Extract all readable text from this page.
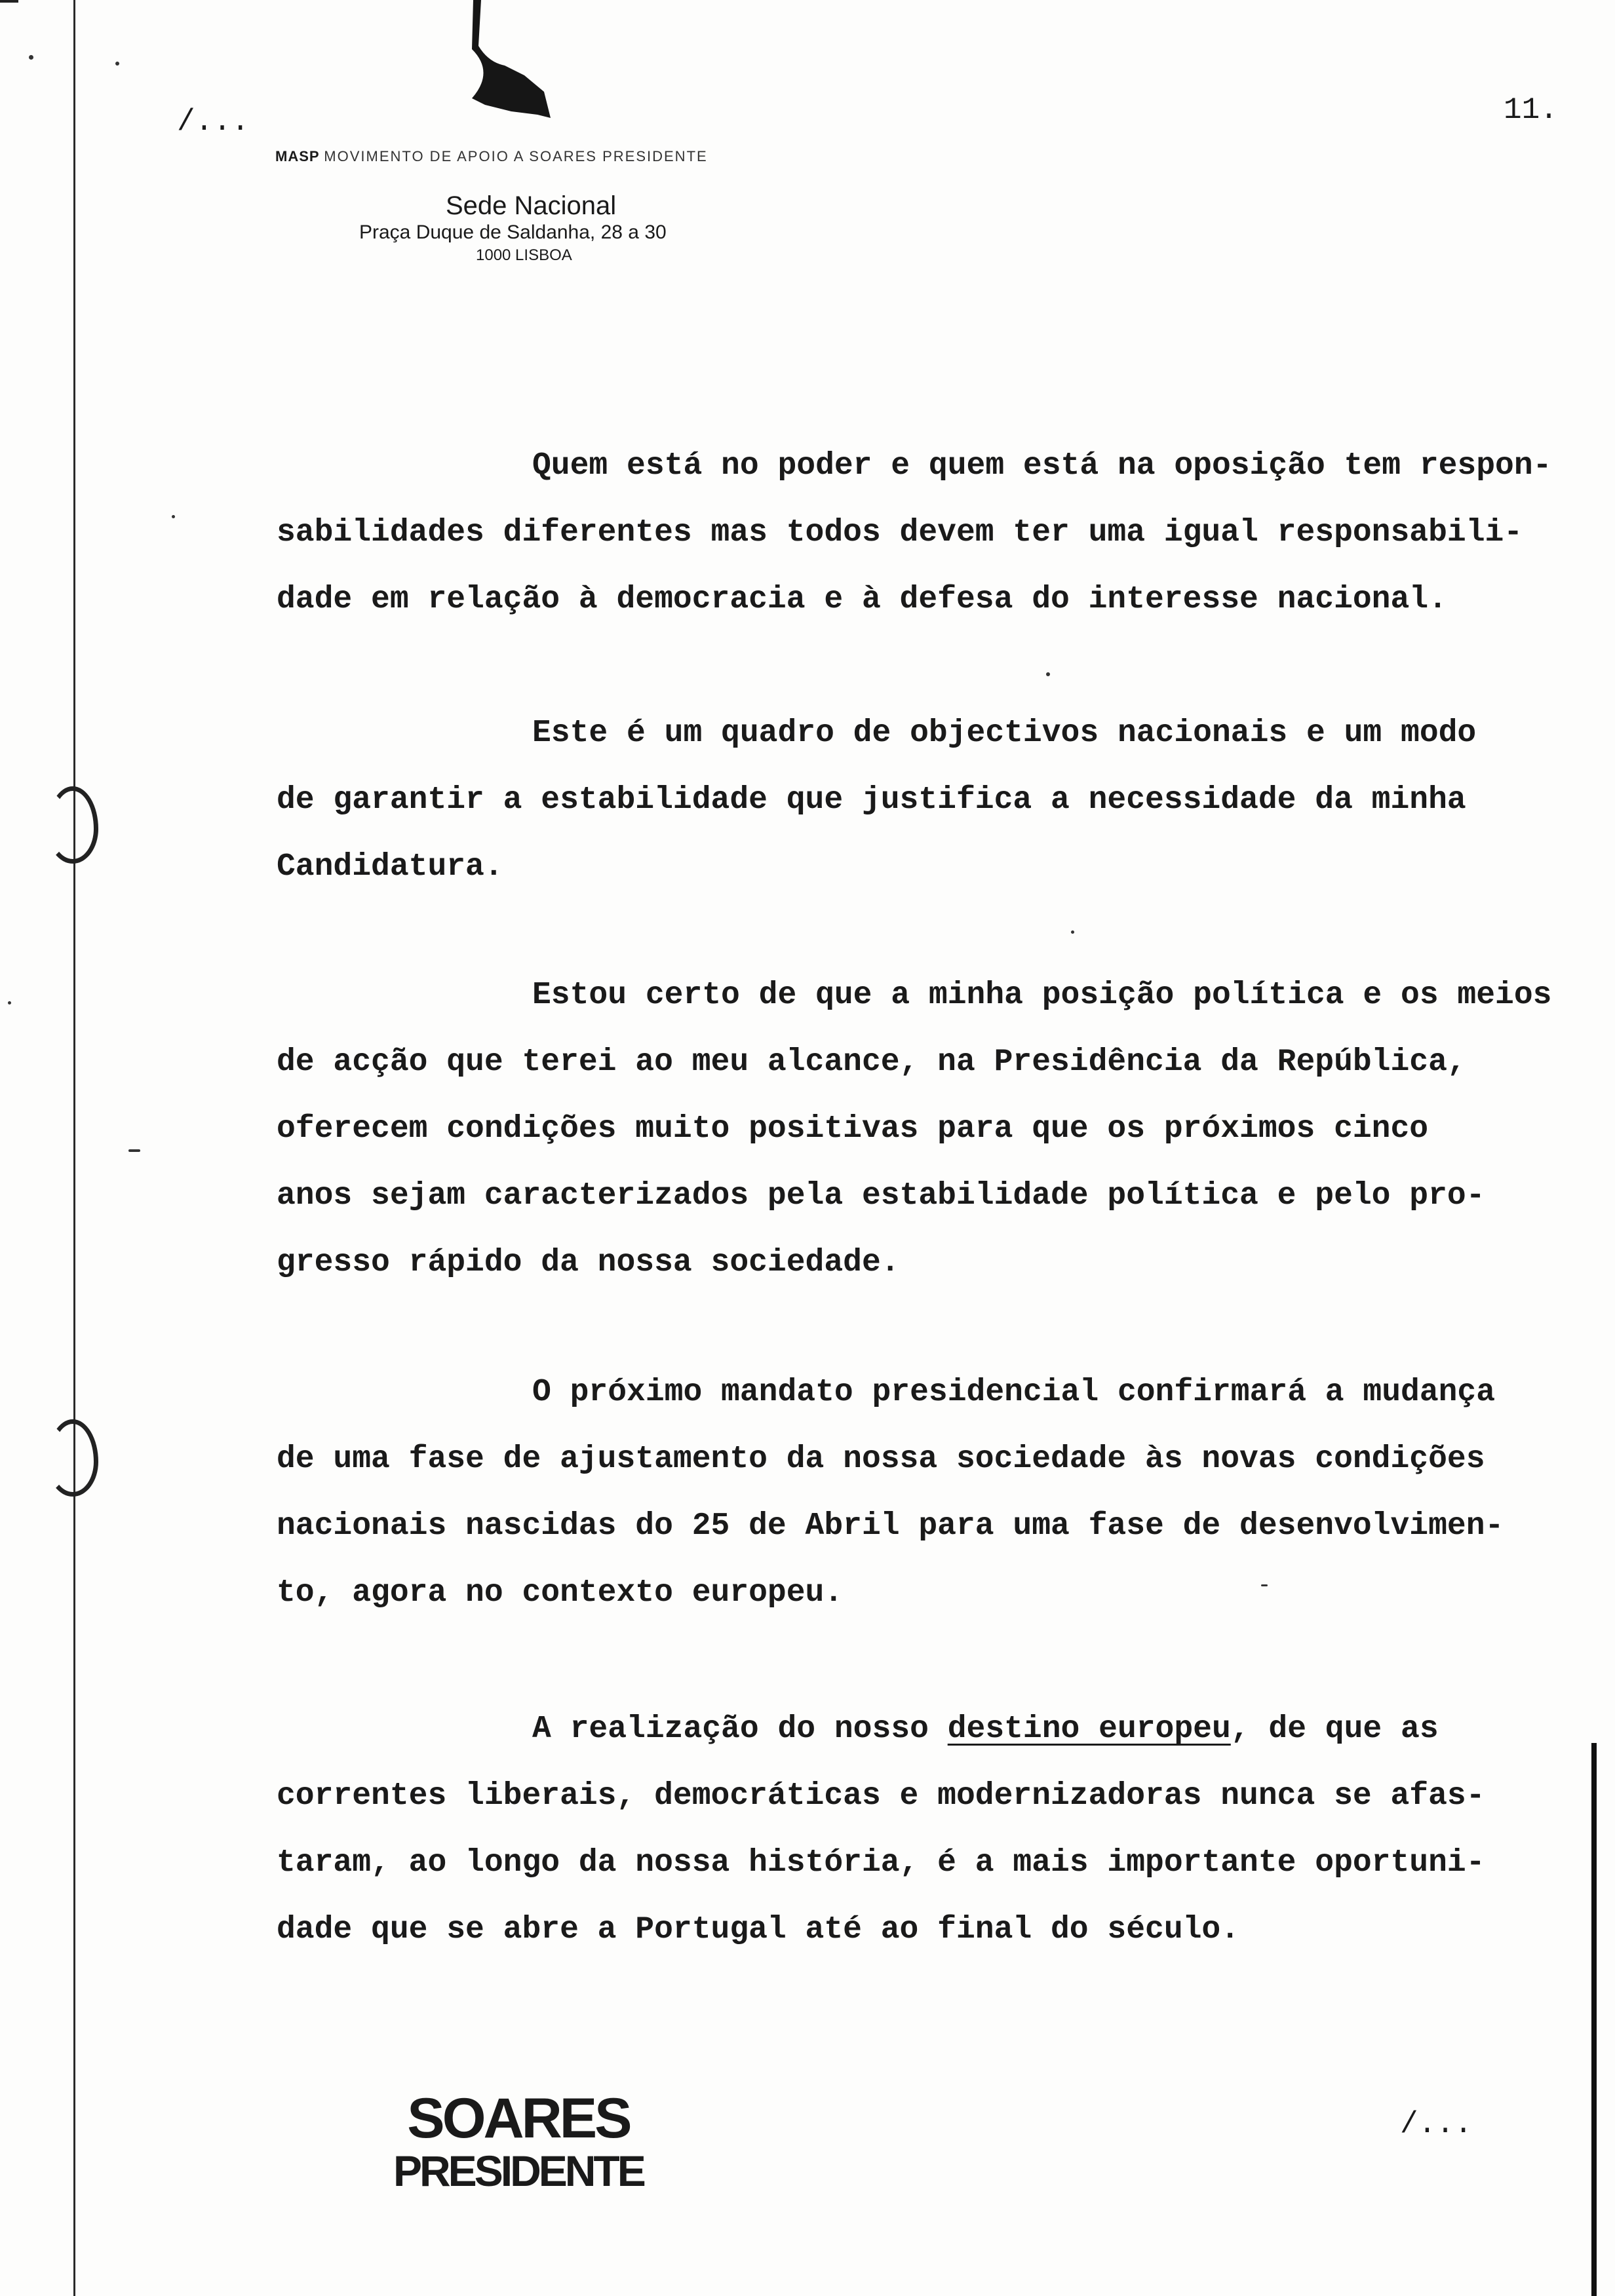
/...	11.
MASP MOVIMENTO DE APOIO A SOARES PRESIDENTE
Sede Nacional
Praça Duque de Saldanha, 28 a 30
1000 LISBOA
Quem está no poder e quem está na oposição tem respon-
sabilidades diferentes mas todos devem ter uma igual responsabili-
dade em relação à democracia e à defesa do interesse nacional.
Este é um quadro de objectivos nacionais e um modo
de garantir a estabilidade que justifica a necessidade da minha
Candidatura.
Estou certo de que a minha posição política e os meios
de acção que terei ao meu alcance, na Presidência da República,
oferecem condições muito positivas para que os próximos cinco
anos sejam caracterizados pela estabilidade política e pelo pro-
gresso rápido da nossa sociedade.
O próximo mandato presidencial confirmará a mudança
de uma fase de ajustamento da nossa sociedade às novas condições
nacionais nascidas do 25 de Abril para uma fase de desenvolvimen-
to, agora no contexto europeu.
A realização do nosso destino europeu, de que as
correntes liberais, democráticas e modernizadoras nunca se afas-
taram, ao longo da nossa história, é a mais importante oportuni-
dade que se abre a Portugal até ao final do século.
SOARES
PRESIDENTE
/...
